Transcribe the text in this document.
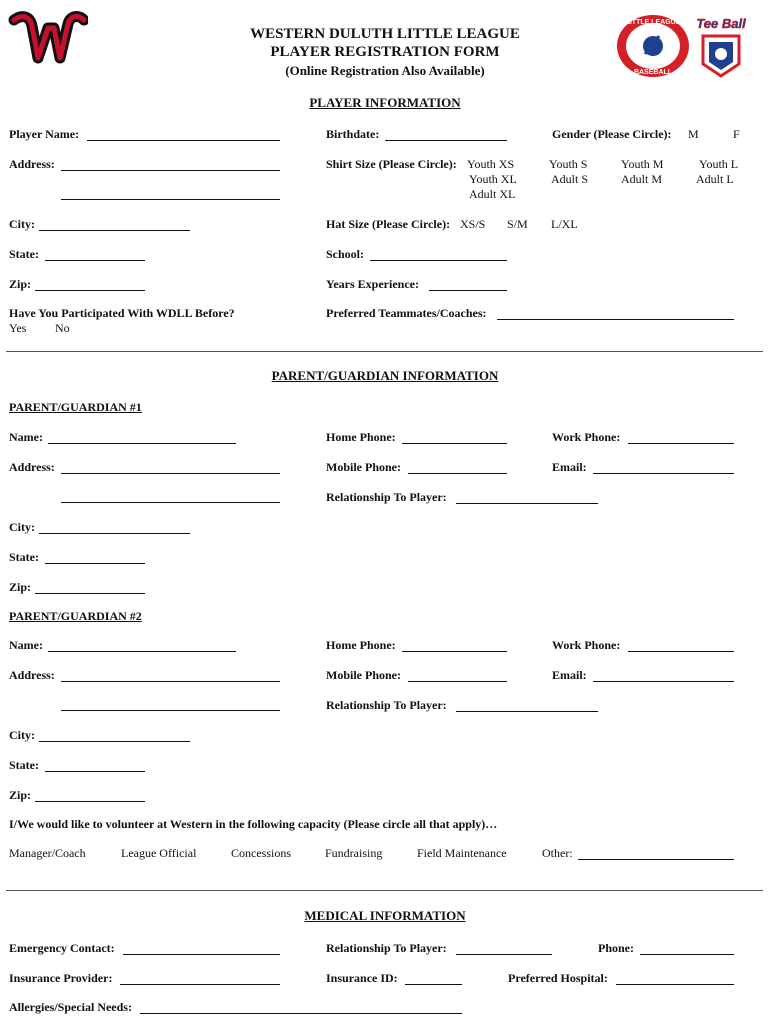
WESTERN DULUTH LITTLE LEAGUE
PLAYER REGISTRATION FORM
(Online Registration Also Available)
LITTLE LEAGUE
BASEBALL
Tee Ball
PLAYER INFORMATION
Player Name:	Birthdate:	Gender (Please Circle): M	F
Address:	Shirt Size (Please Circle): Youth XS	Youth S	Youth M	Youth L
Youth XL	Adult S	Adult M	Adult L
Adult XL
City:	Hat Size (Please Circle): XS/S S/M L/XL
State:	School:
Zip:	Years Experience:
Have You Participated With WDLL Before?
Yes No
Preferred Teammates/Coaches:
PARENT/GUARDIAN INFORMATION
PARENT/GUARDIAN #1
Name:	Home Phone:	Work Phone:
Address:	Mobile Phone:	Email:
Relationship To Player:
City:
State:
Zip:
PARENT/GUARDIAN #2
Name:	Home Phone:	Work Phone:
Address:	Mobile Phone:	Email:
Relationship To Player:
City:
State:
Zip:
I/We would like to volunteer at Western in the following capacity (Please circle all that apply)…
Manager/Coach	League Official	Concessions	Fundraising	Field Maintenance	Other:
MEDICAL INFORMATION
Emergency Contact:	Relationship To Player:	Phone:
Insurance Provider:	Insurance ID:	Preferred Hospital:
Allergies/Special Needs:
